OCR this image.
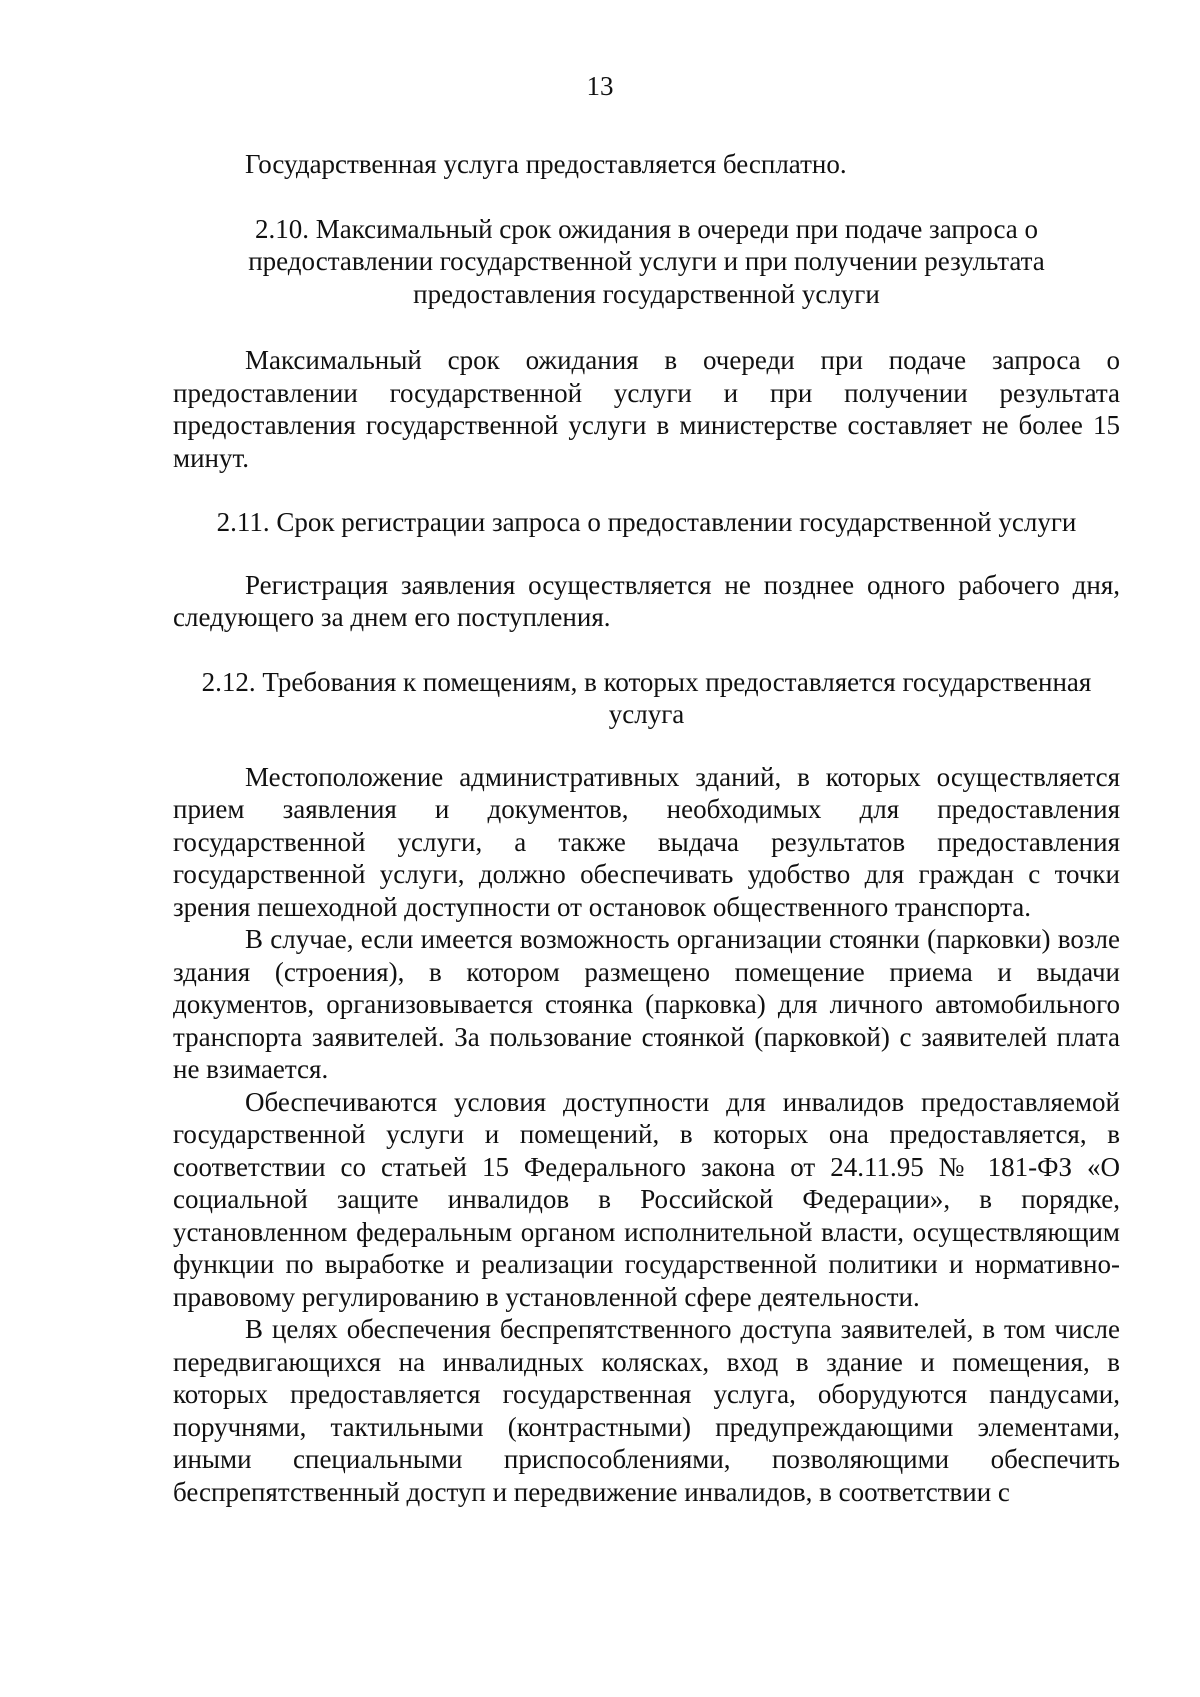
13

Государственная услуга предоставляется бесплатно.

2.10. Максимальный срок ожидания в очереди при подаче запроса о предоставлении государственной услуги и при получении результата предоставления государственной услуги

Максимальный срок ожидания в очереди при подаче запроса о предоставлении государственной услуги и при получении результата предоставления государственной услуги в министерстве составляет не более 15 минут.

2.11. Срок регистрации запроса о предоставлении государственной услуги

Регистрация заявления осуществляется не позднее одного рабочего дня, следующего за днем его поступления.

2.12. Требования к помещениям, в которых предоставляется государственная услуга

Местоположение административных зданий, в которых осуществляется прием заявления и документов, необходимых для предоставления государственной услуги, а также выдача результатов предоставления государственной услуги, должно обеспечивать удобство для граждан с точки зрения пешеходной доступности от остановок общественного транспорта.

В случае, если имеется возможность организации стоянки (парковки) возле здания (строения), в котором размещено помещение приема и выдачи документов, организовывается стоянка (парковка) для личного автомобильного транспорта заявителей. За пользование стоянкой (парковкой) с заявителей плата не взимается.

Обеспечиваются условия доступности для инвалидов предоставляемой государственной услуги и помещений, в которых она предоставляется, в соответствии со статьей 15 Федерального закона от 24.11.95 № 181-ФЗ «О социальной защите инвалидов в Российской Федерации», в порядке, установленном федеральным органом исполнительной власти, осуществляющим функции по выработке и реализации государственной политики и нормативно-правовому регулированию в установленной сфере деятельности.

В целях обеспечения беспрепятственного доступа заявителей, в том числе передвигающихся на инвалидных колясках, вход в здание и помещения, в которых предоставляется государственная услуга, оборудуются пандусами, поручнями, тактильными (контрастными) предупреждающими элементами, иными специальными приспособлениями, позволяющими обеспечить беспрепятственный доступ и передвижение инвалидов, в соответствии с
